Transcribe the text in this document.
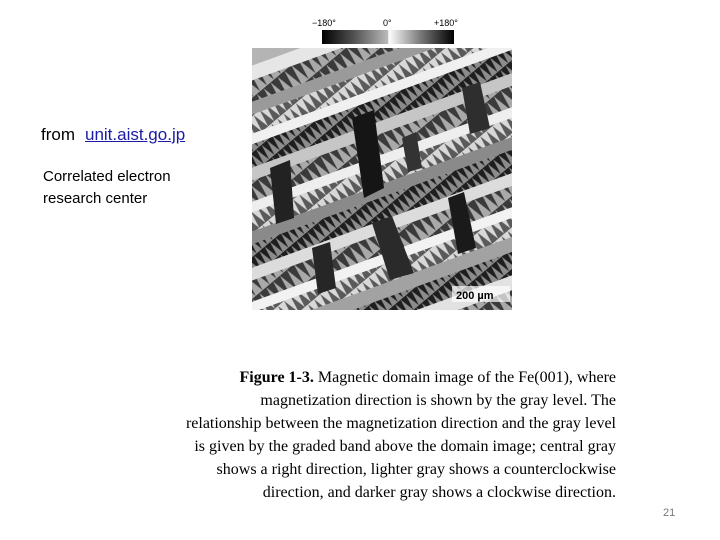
from unit.aist.go.jp
Correlated electron
research center
−180°	0°	+180°
200 µm
Figure 1-3. Magnetic domain image of the Fe(001), where magnetization direction is shown by the gray level. The relationship between the magnetization direction and the gray level is given by the graded band above the domain image; central gray shows a right direction, lighter gray shows a counterclockwise direction, and darker gray shows a clockwise direction.
21
